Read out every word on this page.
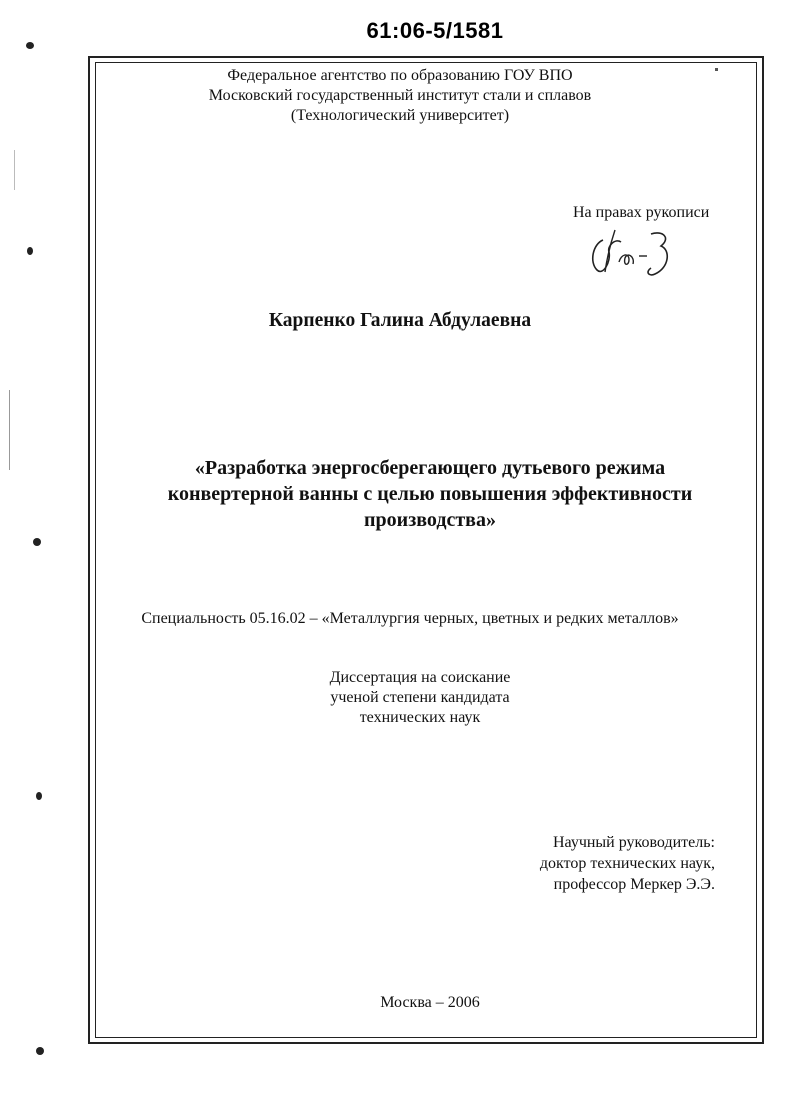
61:06-5/1581
Федеральное агентство по образованию ГОУ ВПО
Московский государственный институт стали и сплавов
(Технологический университет)
На правах рукописи
Карпенко Галина Абдулаевна
«Разработка энергосберегающего дутьевого режима
конвертерной ванны с целью повышения эффективности
производства»
Специальность 05.16.02 – «Металлургия черных, цветных и редких металлов»
Диссертация на соискание
ученой степени кандидата
технических наук
Научный руководитель:
доктор технических наук,
профессор Меркер Э.Э.
Москва – 2006
